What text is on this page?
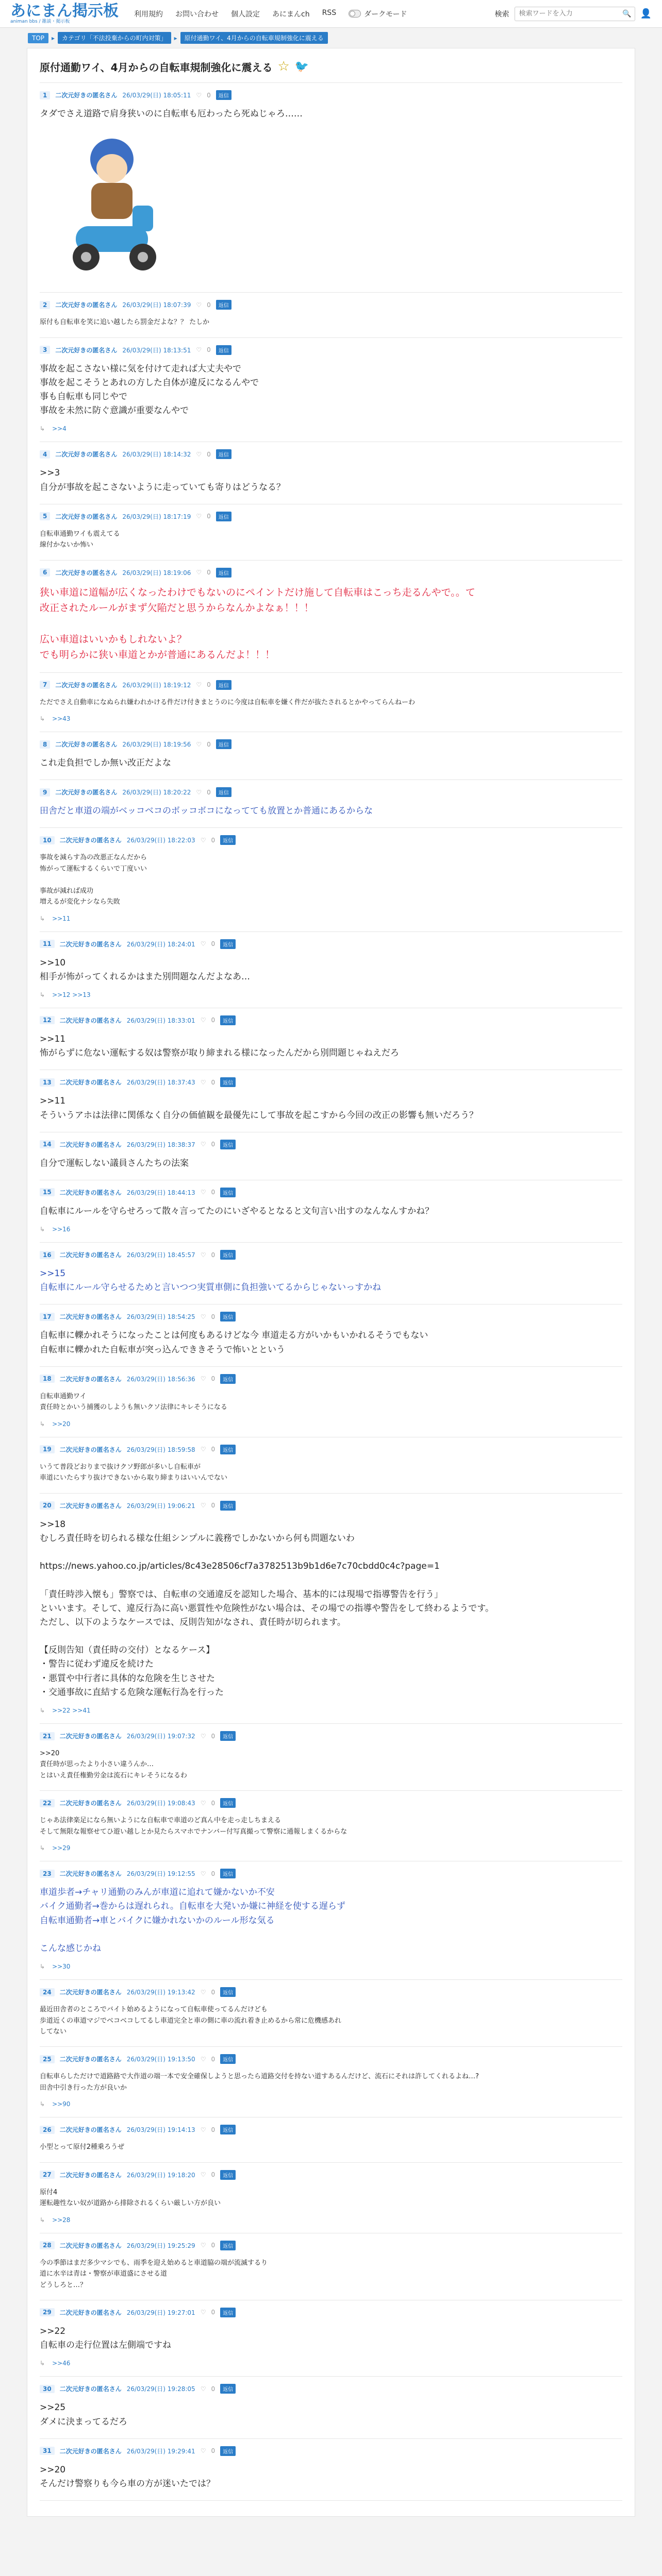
あにまん掲示板
animan bbs / 雑談・掲示板
利用規約 お問い合わせ 個人設定 あにまんch RSS	ダークモード	検索
検索ワードを入力	🔍 👤
TOP	▸	カテゴリ「不法投棄からの町内対策」	▸	原付通勤ワイ、4月からの自転車規制強化に震える
原付通勤ワイ、4月からの自転車規制強化に震える ☆ 🐦
1	二次元好きの匿名さん 26/03/29(日) 18:05:11 ♡ 0	返信
タダでさえ道路で肩身狭いのに自転車も厄わったら死ぬじゃろ……
2	二次元好きの匿名さん 26/03/29(日) 18:07:39 ♡ 0	返信
原付も自転車を笑に追い越したら罰金だよな？？ たしか
3	二次元好きの匿名さん 26/03/29(日) 18:13:51 ♡ 0	返信
事故を起こさない様に気を付けて走れば大丈夫やで
事故を起こそうとあれの方した自体が違反になるんやで
事も自転車も同じやで
事故を未然に防ぐ意識が重要なんやで
↳ >>4
4	二次元好きの匿名さん 26/03/29(日) 18:14:32 ♡ 0	返信
>>3
自分が事故を起こさないように走っていても寄りはどうなる？
5	二次元好きの匿名さん 26/03/29(日) 18:17:19 ♡ 0	返信
自転車通勤ワイも震えてる
線付かないか怖い
6	二次元好きの匿名さん 26/03/29(日) 18:19:06 ♡ 0	返信
狭い車道に道幅が広くなったわけでもないのにペイントだけ施して自転車はこっち走るんやで。。て
改正されたルールがまず欠陥だと思うからなんかよなぁ！！！

広い車道はいいかもしれないよ？
でも明らかに狭い車道とかが普通にあるんだよ！！！
7	二次元好きの匿名さん 26/03/29(日) 18:19:12 ♡ 0	返信
ただでさえ自動車になぬられ嫌われかける件だけ付きまとうのに今度は自転車を嫌く件だが抜たされるとかやってらんねーわ
↳ >>43
8	二次元好きの匿名さん 26/03/29(日) 18:19:56 ♡ 0	返信
これ走負担でしか無い改正だよな
9	二次元好きの匿名さん 26/03/29(日) 18:20:22 ♡ 0	返信
田舎だと車道の端がベッコベコのボッコボコになってても放置とか普通にあるからな
10	二次元好きの匿名さん 26/03/29(日) 18:22:03 ♡ 0	返信
事故を減らす為の改悪正なんだから
怖がって運転するくらいで丁度いい

事故が減れば成功
増えるが変化ナシなら失敗
↳ >>11
11	二次元好きの匿名さん 26/03/29(日) 18:24:01 ♡ 0	返信
>>10
相手が怖がってくれるかはまた別問題なんだよなあ…
↳ >>12 >>13
12	二次元好きの匿名さん 26/03/29(日) 18:33:01 ♡ 0	返信
>>11
怖がらずに危ない運転する奴は警察が取り締まれる様になったんだから別問題じゃねえだろ
13	二次元好きの匿名さん 26/03/29(日) 18:37:43 ♡ 0	返信
>>11
そういうアホは法律に関係なく自分の価値観を最優先にして事故を起こすから今回の改正の影響も無いだろう？
14	二次元好きの匿名さん 26/03/29(日) 18:38:37 ♡ 0	返信
自分で運転しない議員さんたちの法案
15	二次元好きの匿名さん 26/03/29(日) 18:44:13 ♡ 0	返信
自転車にルールを守らせろって散々言ってたのにいざやるとなると文句言い出すのなんなんすかね？
↳ >>16
16	二次元好きの匿名さん 26/03/29(日) 18:45:57 ♡ 0	返信
>>15
自転車にルール守らせるためと言いつつ実質車側に負担強いてるからじゃないっすかね
17	二次元好きの匿名さん 26/03/29(日) 18:54:25 ♡ 0	返信
自転車に轢かれそうになったことは何度もあるけどな今 車道走る方がいかもいかれるそうでもない
自転車に轢かれた自転車が突っ込んでききそうで怖いとという
18	二次元好きの匿名さん 26/03/29(日) 18:56:36 ♡ 0	返信
自転車通勤ワイ
責任時とかいう捕獲のしようも無いクソ法律にキレそうになる
↳ >>20
19	二次元好きの匿名さん 26/03/29(日) 18:59:58 ♡ 0	返信
いうて普段どおりまで抜けクソ野郎が多いし自転車が
車道にいたらすり抜けできないから取り締まりはいいんでない
20	二次元好きの匿名さん 26/03/29(日) 19:06:21 ♡ 0	返信
>>18
むしろ責任時を切られる様な仕組シンプルに義務でしかないから何も問題ないわ

https://news.yahoo.co.jp/articles/8c43e28506cf7a3782513b9b1d6e7c70cbdd0c4c?page=1

「責任時渉入懐も」警察では、自転車の交通違反を認知した場合、基本的には現場で指導警告を行う」
といいます。そして、違反行為に高い悪質性や危険性がない場合は、その場での指導や警告をして終わるようです。
ただし、以下のようなケースでは、反則告知がなされ、責任時が切られます。

【反則告知（責任時の交付）となるケース】
・警告に従わず違反を続けた
・悪質や中行者に具体的な危険を生じさせた
・交通事故に直結する危険な運転行為を行った
↳ >>22 >>41
21	二次元好きの匿名さん 26/03/29(日) 19:07:32 ♡ 0	返信
>>20
責任時が思ったより小さい違うんか…
とはいえ責任権勤労金は流石にキレそうになるわ
22	二次元好きの匿名さん 26/03/29(日) 19:08:43 ♡ 0	返信
じゃあ法律楽足になら無いようにな自転車で車道のど真ん中を走っ走しちまえる
そして無限な報察せてひ遊い越しとか見たらスマホでナンバー付写真撮って警察に通報しまくるからな
↳ >>29
23	二次元好きの匿名さん 26/03/29(日) 19:12:55 ♡ 0	返信
車道歩者→チャリ通勤のみんが車道に追れて嫌かないか不安
バイク通勤者→巻からは遅れられ。自転車を大発いか嫌に神経を使する遅らず
自転車通勤者→車とバイクに嫌かれないかのルール形な気る

こんな感じかね
↳ >>30
24	二次元好きの匿名さん 26/03/29(日) 19:13:42 ♡ 0	返信
最近田舎者のところでバイト始めるようになって自転車使ってるんだけども
歩道近くの車道マジでベコベコしてるし車道完全と車の側に車の流れ着き止めるから常に危機感あれ
してない
25	二次元好きの匿名さん 26/03/29(日) 19:13:50 ♡ 0	返信
自転車らしただけで道路路で大作道の端一本で安全確保しようと思ったら道路交付を持ない道すあるんだけど、流石にそれは許してくれるよね…?
田舎中引き行った方が良いか
↳ >>90
26	二次元好きの匿名さん 26/03/29(日) 19:14:13 ♡ 0	返信
小型とって原付2種乗ろうぜ
27	二次元好きの匿名さん 26/03/29(日) 19:18:20 ♡ 0	返信
原付4
運転趣性ない奴が道路から排除されるくらい厳しい方が良い
↳ >>28
28	二次元好きの匿名さん 26/03/29(日) 19:25:29 ♡ 0	返信
今の季節はまだ多少マシでも、雨季を迎え始めると車道脇の端が流滅するり
道に水辛は青は・警察が車道盛にさせる道
どうしろと…？
29	二次元好きの匿名さん 26/03/29(日) 19:27:01 ♡ 0	返信
>>22
自転車の走行位置は左側端ですね
↳ >>46
30	二次元好きの匿名さん 26/03/29(日) 19:28:05 ♡ 0	返信
>>25
ダメに決まってるだろ
31	二次元好きの匿名さん 26/03/29(日) 19:29:41 ♡ 0	返信
>>20
そんだけ警察りも今ら車の方が迷いたでは？
